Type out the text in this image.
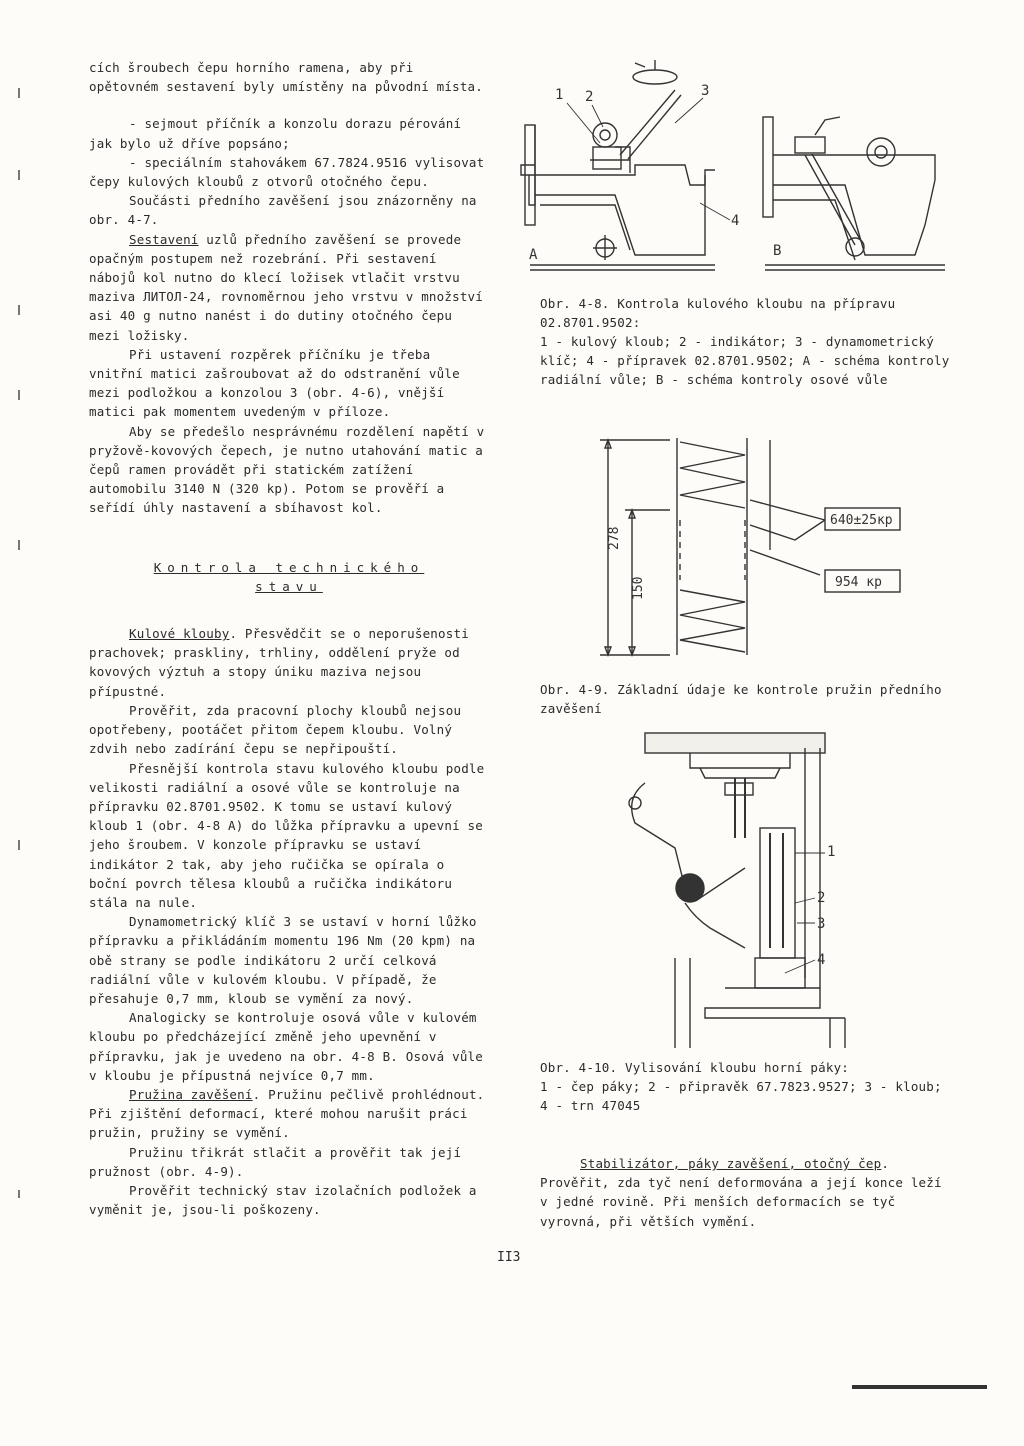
cích šroubech čepu horního ramena, aby při opětovném sestavení byly umístěny na původní místa.

- sejmout příčník a konzolu dorazu pérování jak bylo už dříve popsáno;

- speciálním stahovákem 67.7824.9516 vylisovat čepy kulových kloubů z otvorů otočného čepu.

Součásti předního zavěšení jsou znázorněny na obr. 4-7.

Sestavení uzlů předního zavěšení se provede opačným postupem než rozebrání. Při sestavení nábojů kol nutno do klecí ložisek vtlačit vrstvu maziva ЛИТОЛ-24, rovnoměrnou jeho vrstvu v množství asi 40 g nutno nanést i do dutiny otočného čepu mezi ložisky.

Při ustavení rozpěrek příčníku je třeba vnitřní matici zašroubovat až do odstranění vůle mezi podložkou a konzolou 3 (obr. 4-6), vnější matici pak momentem uvedeným v příloze.

Aby se předešlo nesprávnému rozdělení napětí v pryžově-kovových čepech, je nutno utahování matic a čepů ramen provádět při statickém zatížení automobilu 3140 N (320 kp). Potom se prověří a seřídí úhly nastavení a sbíhavost kol.

Kontrola technického
stavu

Kulové klouby. Přesvědčit se o neporušenosti prachovek; praskliny, trhliny, oddělení pryže od kovových výztuh a stopy úniku maziva nejsou přípustné.

Prověřit, zda pracovní plochy kloubů nejsou opotřebeny, pootáčet přitom čepem kloubu. Volný zdvih nebo zadírání čepu se nepřipouští.

Přesnější kontrola stavu kulového kloubu podle velikosti radiální a osové vůle se kontroluje na přípravku 02.8701.9502. K tomu se ustaví kulový kloub 1 (obr. 4-8 A) do lůžka přípravku a upevní se jeho šroubem. V konzole přípravku se ustaví indikátor 2 tak, aby jeho ručička se opírala o boční povrch tělesa kloubů a ručička indikátoru stála na nule.

Dynamometrický klíč 3 se ustaví v horní lůžko přípravku a přikládáním momentu 196 Nm (20 kpm) na obě strany se podle indikátoru 2 určí celková radiální vůle v kulovém kloubu. V případě, že přesahuje 0,7 mm, kloub se vymění za nový.

Analogicky se kontroluje osová vůle v kulovém kloubu po předcházející změně jeho upevnění v přípravku, jak je uvedeno na obr. 4-8 B. Osová vůle v kloubu je přípustná nejvíce 0,7 mm.

Pružina zavěšení. Pružinu pečlivě prohlédnout. Při zjištění deformací, které mohou narušit práci pružin, pružiny se vymění.

Pružinu třikrát stlačit a prověřit tak její pružnost (obr. 4-9).

Prověřit technický stav izolačních podložek a vyměnit je, jsou-li poškozeny.

1 2	3
4
A	B

Obr. 4-8. Kontrola kulového kloubu na přípravu 02.8701.9502:

1 - kulový kloub; 2 - indikátor; 3 - dynamometrický klíč; 4 - přípravek 02.8701.9502; A - schéma kontroly radiální vůle; B - schéma kontroly osové vůle

278
150
640±25кр
954 кр

Obr. 4-9. Základní údaje ke kontrole pružin předního zavěšení

1
2
3
4

Obr. 4-10. Vylisování kloubu horní páky:

1 - čep páky; 2 - připravěk 67.7823.9527; 3 - kloub; 4 - trn 47045

Stabilizátor, páky zavěšení, otočný čep. Prověřit, zda tyč není deformována a její konce leží v jedné rovině. Při menších deformacích se tyč vyrovná, při větších vymění.

II3
